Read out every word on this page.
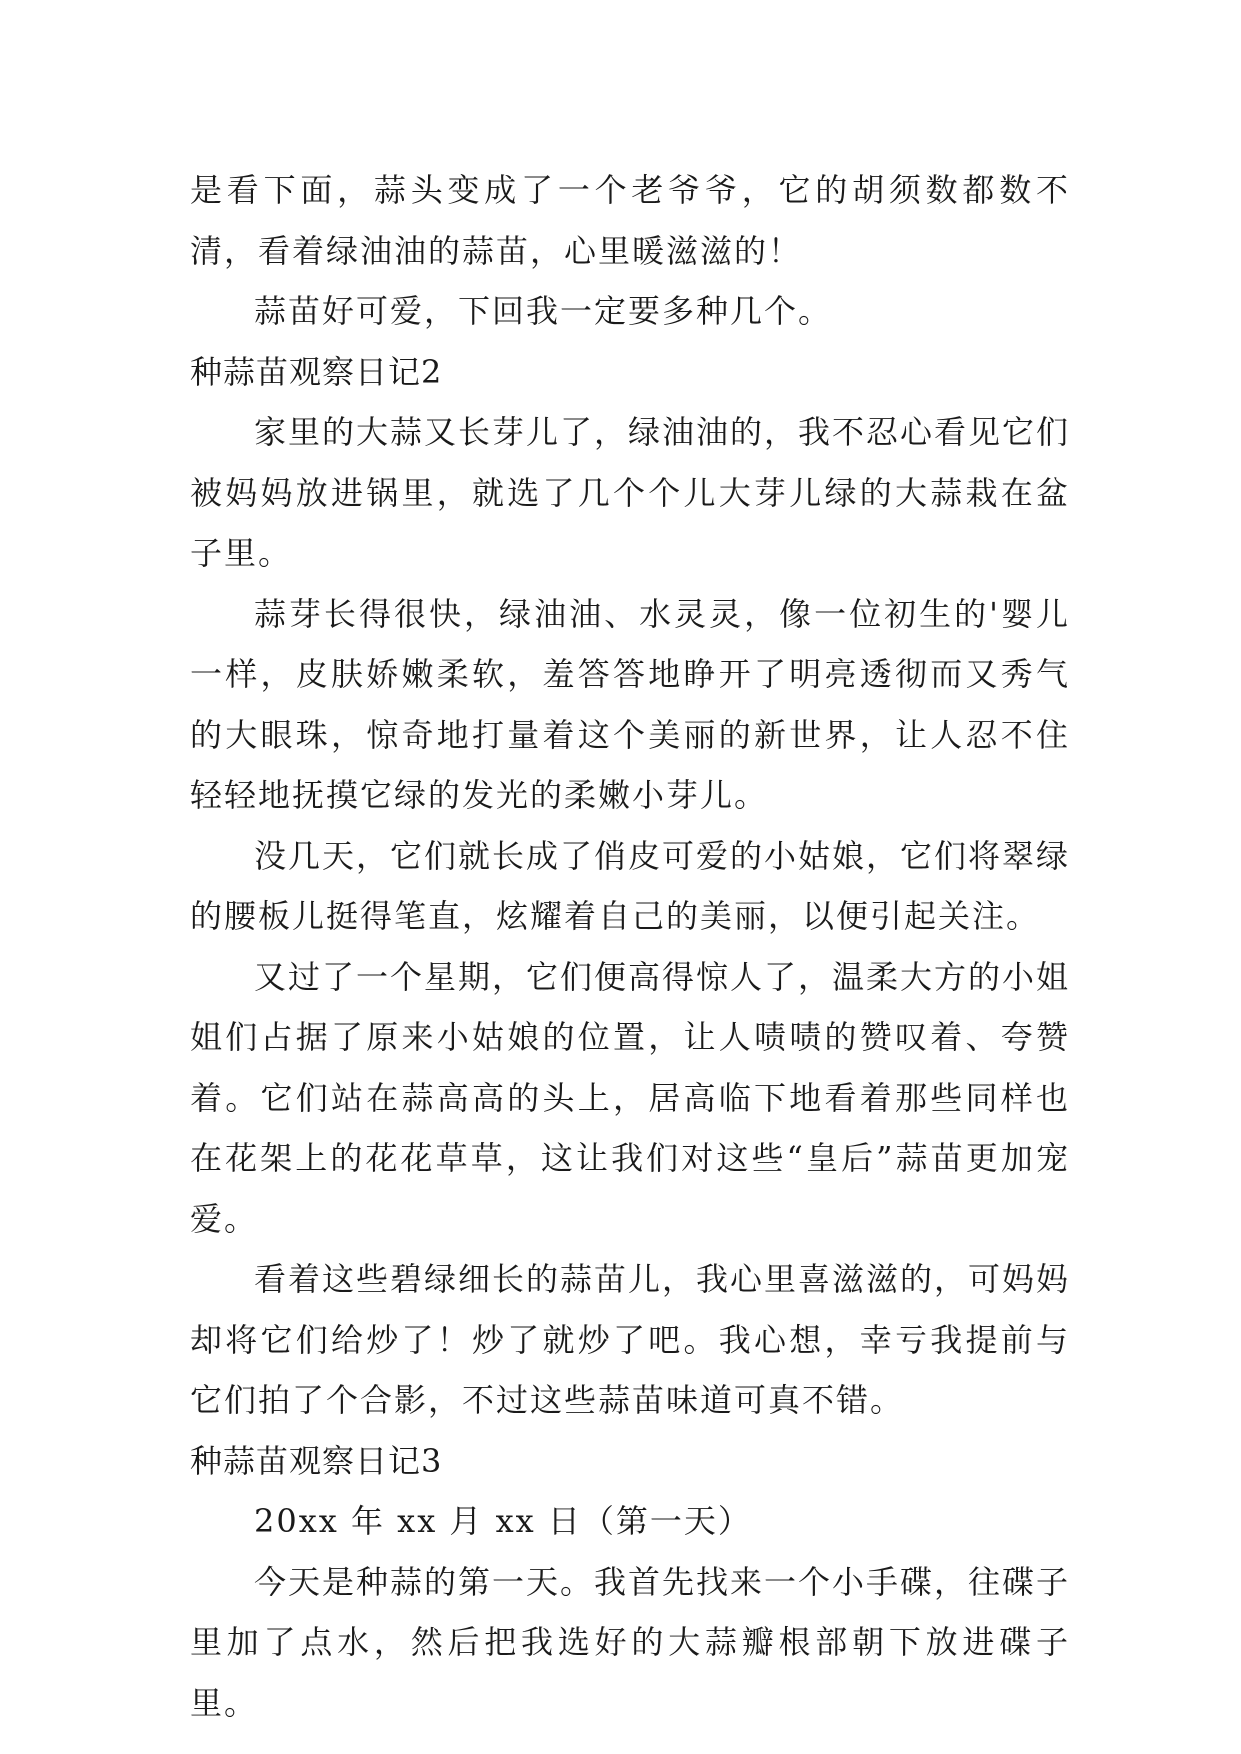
是看下面，蒜头变成了一个老爷爷，它的胡须数都数不清，看着绿油油的蒜苗，心里暖滋滋的！

蒜苗好可爱，下回我一定要多种几个。

种蒜苗观察日记2

家里的大蒜又长芽儿了，绿油油的，我不忍心看见它们被妈妈放进锅里，就选了几个个儿大芽儿绿的大蒜栽在盆子里。

蒜芽长得很快，绿油油、水灵灵，像一位初生的'婴儿一样，皮肤娇嫩柔软，羞答答地睁开了明亮透彻而又秀气的大眼珠，惊奇地打量着这个美丽的新世界，让人忍不住轻轻地抚摸它绿的发光的柔嫩小芽儿。

没几天，它们就长成了俏皮可爱的小姑娘，它们将翠绿的腰板儿挺得笔直，炫耀着自己的美丽，以便引起关注。

又过了一个星期，它们便高得惊人了，温柔大方的小姐姐们占据了原来小姑娘的位置，让人啧啧的赞叹着、夸赞着。它们站在蒜高高的头上，居高临下地看着那些同样也在花架上的花花草草，这让我们对这些“皇后”蒜苗更加宠爱。

看着这些碧绿细长的蒜苗儿，我心里喜滋滋的，可妈妈却将它们给炒了！炒了就炒了吧。我心想，幸亏我提前与它们拍了个合影，不过这些蒜苗味道可真不错。

种蒜苗观察日记3

20xx 年 xx 月 xx 日（第一天）

今天是种蒜的第一天。我首先找来一个小手碟，往碟子里加了点水，然后把我选好的大蒜瓣根部朝下放进碟子里。
